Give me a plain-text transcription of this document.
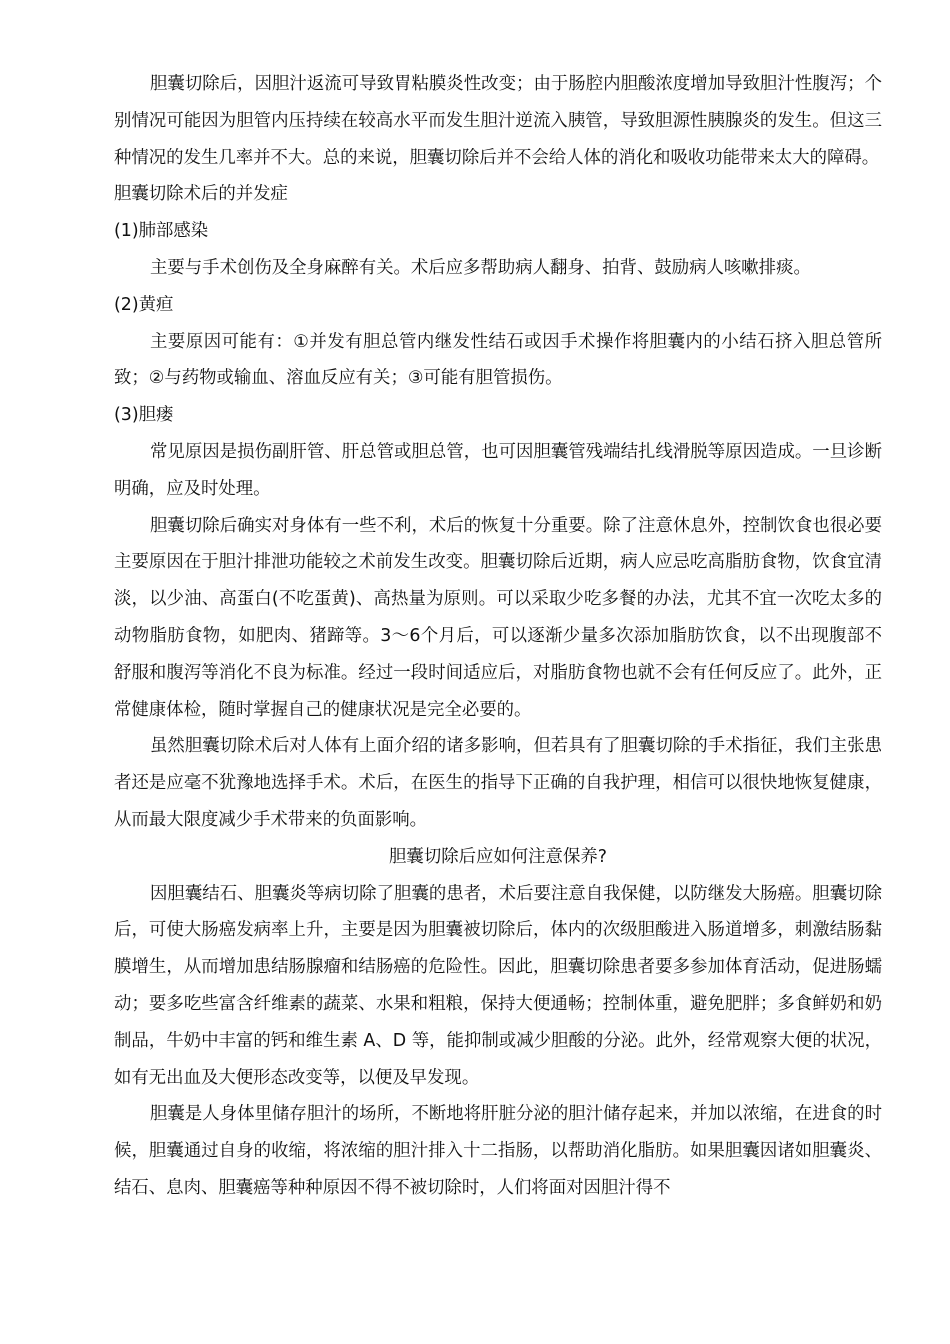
胆囊切除后，因胆汁返流可导致胃粘膜炎性改变；由于肠腔内胆酸浓度增加导致胆汁性腹泻；个别情况可能因为胆管内压持续在较高水平而发生胆汁逆流入胰管，导致胆源性胰腺炎的发生。但这三种情况的发生几率并不大。总的来说，胆囊切除后并不会给人体的消化和吸收功能带来太大的障碍。

胆囊切除术后的并发症

(1)肺部感染

主要与手术创伤及全身麻醉有关。术后应多帮助病人翻身、拍背、鼓励病人咳嗽排痰。

(2)黄疸

主要原因可能有：①并发有胆总管内继发性结石或因手术操作将胆囊内的小结石挤入胆总管所致；②与药物或输血、溶血反应有关；③可能有胆管损伤。

(3)胆瘘

常见原因是损伤副肝管、肝总管或胆总管，也可因胆囊管残端结扎线滑脱等原因造成。一旦诊断明确，应及时处理。

胆囊切除后确实对身体有一些不利，术后的恢复十分重要。除了注意休息外，控制饮食也很必要主要原因在于胆汁排泄功能较之术前发生改变。胆囊切除后近期，病人应忌吃高脂肪食物，饮食宜清淡，以少油、高蛋白(不吃蛋黄)、高热量为原则。可以采取少吃多餐的办法，尤其不宜一次吃太多的动物脂肪食物，如肥肉、猪蹄等。3～6个月后，可以逐渐少量多次添加脂肪饮食，以不出现腹部不舒服和腹泻等消化不良为标准。经过一段时间适应后，对脂肪食物也就不会有任何反应了。此外，正常健康体检，随时掌握自己的健康状况是完全必要的。

虽然胆囊切除术后对人体有上面介绍的诸多影响，但若具有了胆囊切除的手术指征，我们主张患者还是应毫不犹豫地选择手术。术后，在医生的指导下正确的自我护理，相信可以很快地恢复健康，从而最大限度减少手术带来的负面影响。

胆囊切除后应如何注意保养?

因胆囊结石、胆囊炎等病切除了胆囊的患者，术后要注意自我保健，以防继发大肠癌。胆囊切除后，可使大肠癌发病率上升，主要是因为胆囊被切除后，体内的次级胆酸进入肠道增多，刺激结肠黏膜增生，从而增加患结肠腺瘤和结肠癌的危险性。因此，胆囊切除患者要多参加体育活动，促进肠蠕动；要多吃些富含纤维素的蔬菜、水果和粗粮，保持大便通畅；控制体重，避免肥胖；多食鲜奶和奶制品，牛奶中丰富的钙和维生素 A、D 等，能抑制或减少胆酸的分泌。此外，经常观察大便的状况，如有无出血及大便形态改变等，以便及早发现。

胆囊是人身体里储存胆汁的场所，不断地将肝脏分泌的胆汁储存起来，并加以浓缩，在进食的时候，胆囊通过自身的收缩，将浓缩的胆汁排入十二指肠，以帮助消化脂肪。如果胆囊因诸如胆囊炎、结石、息肉、胆囊癌等种种原因不得不被切除时，人们将面对因胆汁得不
